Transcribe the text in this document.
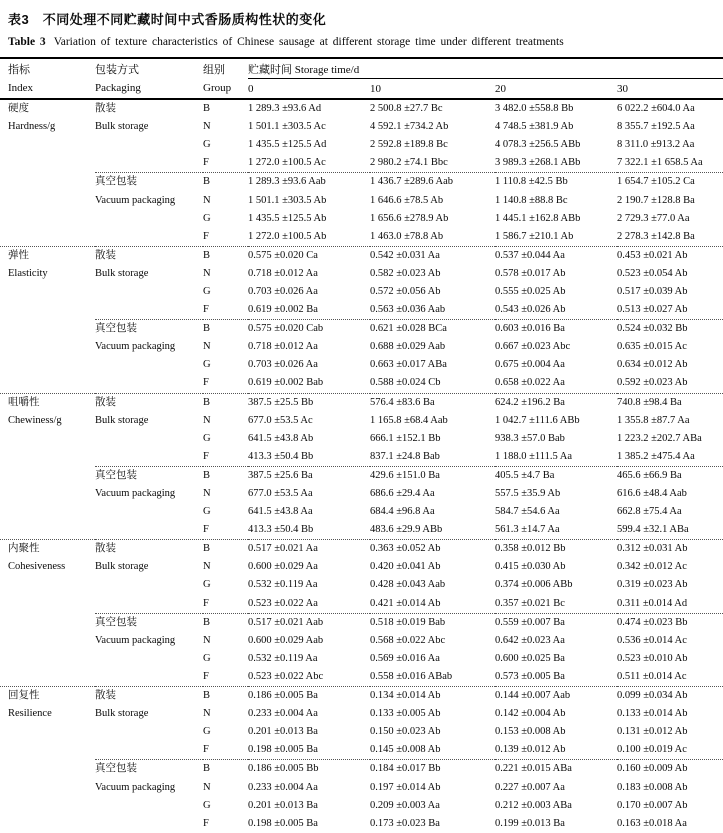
表3　不同处理不同贮藏时间中式香肠质构性状的变化
Table 3 Variation of texture characteristics of Chinese sausage at different storage time under different treatments
指标	包装方式	组别	贮藏时间 Storage time/d			
Index	Packaging	Group	0	10	20	30
硬度	散装	B	1 289.3 ±93.6 Ad	2 500.8 ±27.7 Bc	3 482.0 ±558.8 Bb	6 022.2 ±604.0 Aa
Hardness/g	Bulk storage	N	1 501.1 ±303.5 Ac	4 592.1 ±734.2 Ab	4 748.5 ±381.9 Ab	8 355.7 ±192.5 Aa
		G	1 435.5 ±125.5 Ad	2 592.8 ±189.8 Bc	4 078.3 ±256.5 ABb	8 311.0 ±913.2 Aa
		F	1 272.0 ±100.5 Ac	2 980.2 ±74.1 Bbc	3 989.3 ±268.1 ABb	7 322.1 ±1 658.5 Aa
	真空包装	B	1 289.3 ±93.6 Aab	1 436.7 ±289.6 Aab	1 110.8 ±42.5 Bb	1 654.7 ±105.2 Ca
	Vacuum packaging	N	1 501.1 ±303.5 Ab	1 646.6 ±78.5 Ab	1 140.8 ±88.8 Bc	2 190.7 ±128.8 Ba
		G	1 435.5 ±125.5 Ab	1 656.6 ±278.9 Ab	1 445.1 ±162.8 ABb	2 729.3 ±77.0 Aa
		F	1 272.0 ±100.5 Ab	1 463.0 ±78.8 Ab	1 586.7 ±210.1 Ab	2 278.3 ±142.8 Ba
弹性	散装	B	0.575 ±0.020 Ca	0.542 ±0.031 Aa	0.537 ±0.044 Aa	0.453 ±0.021 Ab
Elasticity	Bulk storage	N	0.718 ±0.012 Aa	0.582 ±0.023 Ab	0.578 ±0.017 Ab	0.523 ±0.054 Ab
		G	0.703 ±0.026 Aa	0.572 ±0.056 Ab	0.555 ±0.025 Ab	0.517 ±0.039 Ab
		F	0.619 ±0.002 Ba	0.563 ±0.036 Aab	0.543 ±0.026 Ab	0.513 ±0.027 Ab
	真空包装	B	0.575 ±0.020 Cab	0.621 ±0.028 BCa	0.603 ±0.016 Ba	0.524 ±0.032 Bb
	Vacuum packaging	N	0.718 ±0.012 Aa	0.688 ±0.029 Aab	0.667 ±0.023 Abc	0.635 ±0.015 Ac
		G	0.703 ±0.026 Aa	0.663 ±0.017 ABa	0.675 ±0.004 Aa	0.634 ±0.012 Ab
		F	0.619 ±0.002 Bab	0.588 ±0.024 Cb	0.658 ±0.022 Aa	0.592 ±0.023 Ab
咀嚼性	散装	B	387.5 ±25.5 Bb	576.4 ±83.6 Ba	624.2 ±196.2 Ba	740.8 ±98.4 Ba
Chewiness/g	Bulk storage	N	677.0 ±53.5 Ac	1 165.8 ±68.4 Aab	1 042.7 ±111.6 ABb	1 355.8 ±87.7 Aa
		G	641.5 ±43.8 Ab	666.1 ±152.1 Bb	938.3 ±57.0 Bab	1 223.2 ±202.7 ABa
		F	413.3 ±50.4 Bb	837.1 ±24.8 Bab	1 188.0 ±111.5 Aa	1 385.2 ±475.4 Aa
	真空包装	B	387.5 ±25.6 Ba	429.6 ±151.0 Ba	405.5 ±4.7 Ba	465.6 ±66.9 Ba
	Vacuum packaging	N	677.0 ±53.5 Aa	686.6 ±29.4 Aa	557.5 ±35.9 Ab	616.6 ±48.4 Aab
		G	641.5 ±43.8 Aa	684.4 ±96.8 Aa	584.7 ±54.6 Aa	662.8 ±75.4 Aa
		F	413.3 ±50.4 Bb	483.6 ±29.9 ABb	561.3 ±14.7 Aa	599.4 ±32.1 ABa
内聚性	散装	B	0.517 ±0.021 Aa	0.363 ±0.052 Ab	0.358 ±0.012 Bb	0.312 ±0.031 Ab
Cohesiveness	Bulk storage	N	0.600 ±0.029 Aa	0.420 ±0.041 Ab	0.415 ±0.030 Ab	0.342 ±0.012 Ac
		G	0.532 ±0.119 Aa	0.428 ±0.043 Aab	0.374 ±0.006 ABb	0.319 ±0.023 Ab
		F	0.523 ±0.022 Aa	0.421 ±0.014 Ab	0.357 ±0.021 Bc	0.311 ±0.014 Ad
	真空包装	B	0.517 ±0.021 Aab	0.518 ±0.019 Bab	0.559 ±0.007 Ba	0.474 ±0.023 Bb
	Vacuum packaging	N	0.600 ±0.029 Aab	0.568 ±0.022 Abc	0.642 ±0.023 Aa	0.536 ±0.014 Ac
		G	0.532 ±0.119 Aa	0.569 ±0.016 Aa	0.600 ±0.025 Ba	0.523 ±0.010 Ab
		F	0.523 ±0.022 Abc	0.558 ±0.016 ABab	0.573 ±0.005 Ba	0.511 ±0.014 Ac
回复性	散装	B	0.186 ±0.005 Ba	0.134 ±0.014 Ab	0.144 ±0.007 Aab	0.099 ±0.034 Ab
Resilience	Bulk storage	N	0.233 ±0.004 Aa	0.133 ±0.005 Ab	0.142 ±0.004 Ab	0.133 ±0.014 Ab
		G	0.201 ±0.013 Ba	0.150 ±0.023 Ab	0.153 ±0.008 Ab	0.131 ±0.012 Ab
		F	0.198 ±0.005 Ba	0.145 ±0.008 Ab	0.139 ±0.012 Ab	0.100 ±0.019 Ac
	真空包装	B	0.186 ±0.005 Bb	0.184 ±0.017 Bb	0.221 ±0.015 ABa	0.160 ±0.009 Ab
	Vacuum packaging	N	0.233 ±0.004 Aa	0.197 ±0.014 Ab	0.227 ±0.007 Aa	0.183 ±0.008 Ab
		G	0.201 ±0.013 Ba	0.209 ±0.003 Aa	0.212 ±0.003 ABa	0.170 ±0.007 Ab
		F	0.198 ±0.005 Ba	0.173 ±0.023 Ba	0.199 ±0.013 Ba	0.163 ±0.018 Aa
